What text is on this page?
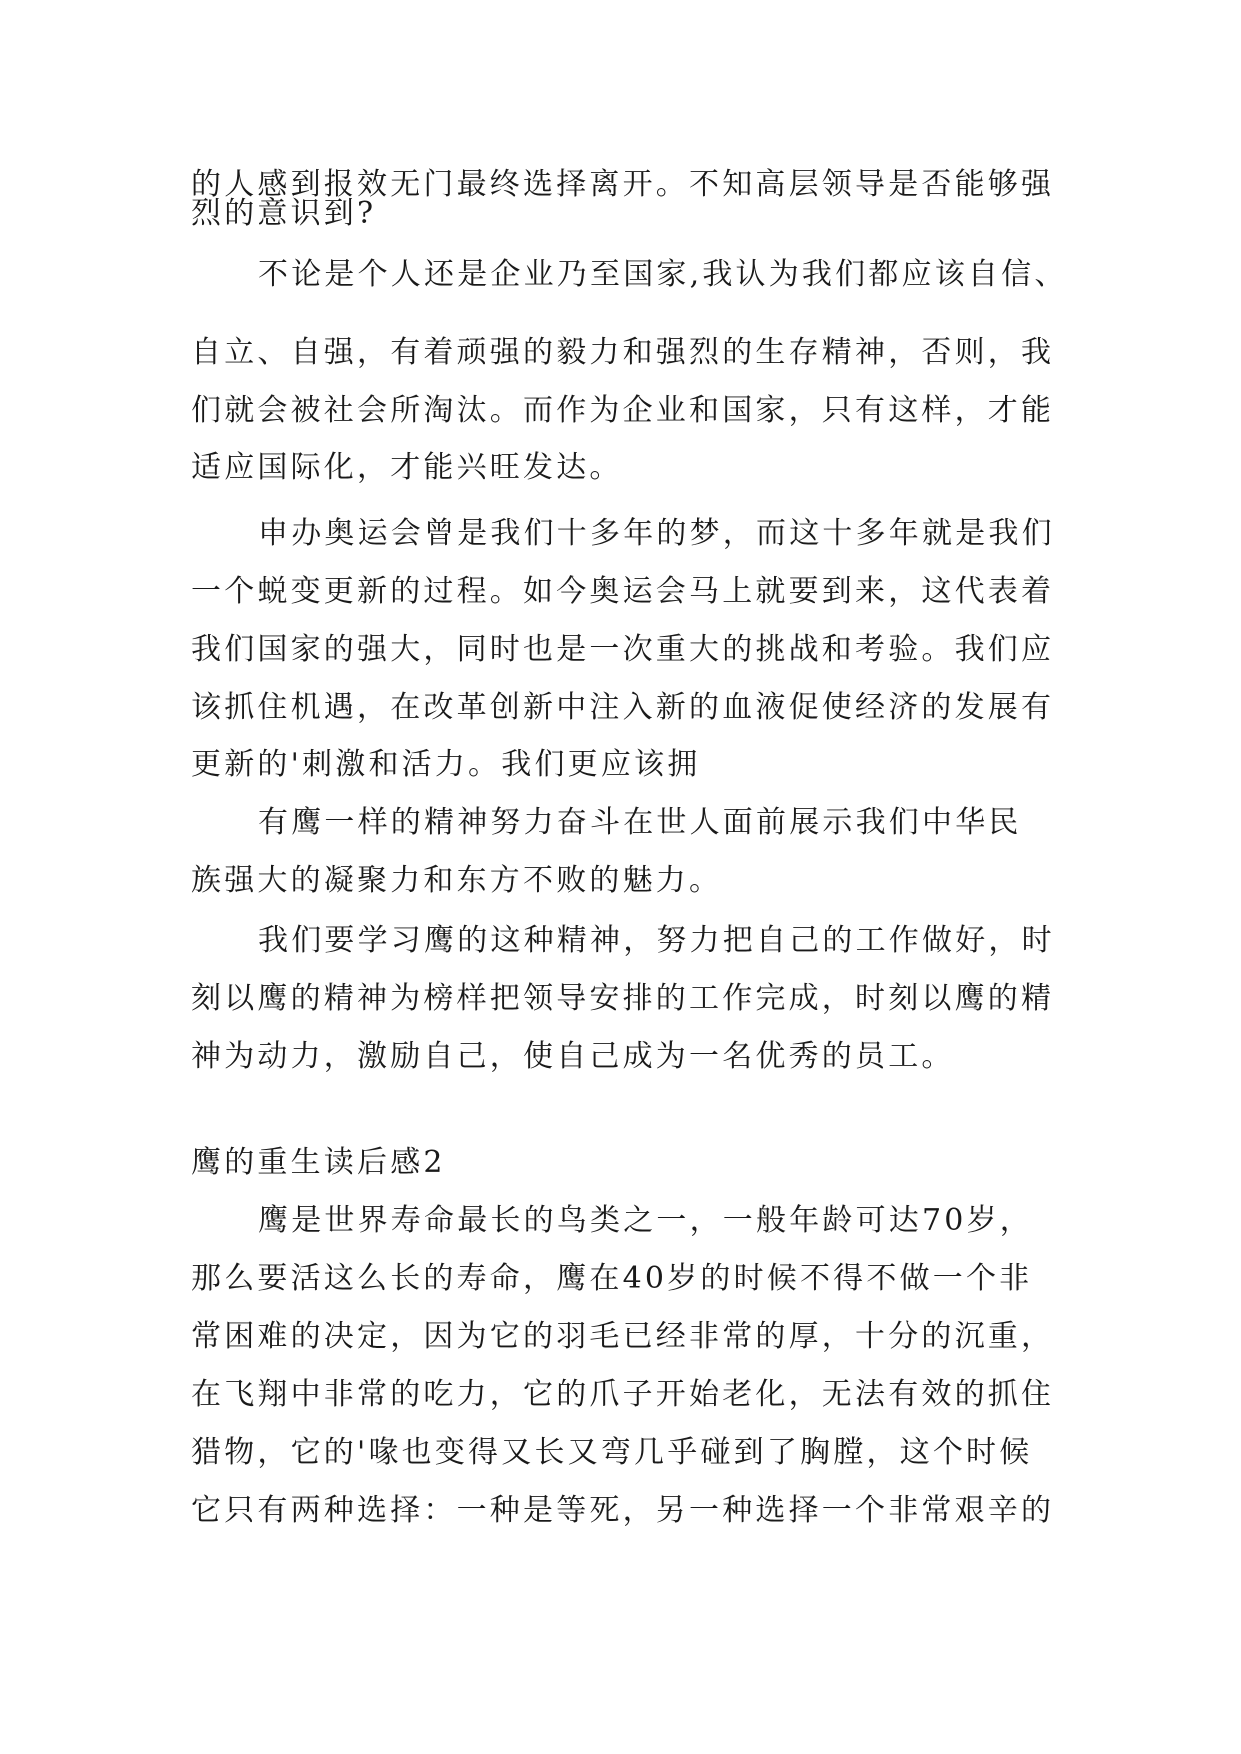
的人感到报效无门最终选择离开。不知高层领导是否能够强
烈的意识到?
不论是个人还是企业乃至国家,我认为我们都应该自信、
自立、自强，有着顽强的毅力和强烈的生存精神，否则，我
们就会被社会所淘汰。而作为企业和国家，只有这样，才能
适应国际化，才能兴旺发达。
申办奥运会曾是我们十多年的梦，而这十多年就是我们
一个蜕变更新的过程。如今奥运会马上就要到来，这代表着
我们国家的强大，同时也是一次重大的挑战和考验。我们应
该抓住机遇，在改革创新中注入新的血液促使经济的发展有
更新的'刺激和活力。我们更应该拥
有鹰一样的精神努力奋斗在世人面前展示我们中华民
族强大的凝聚力和东方不败的魅力。
我们要学习鹰的这种精神，努力把自己的工作做好，时
刻以鹰的精神为榜样把领导安排的工作完成，时刻以鹰的精
神为动力，激励自己，使自己成为一名优秀的员工。
鹰的重生读后感2
鹰是世界寿命最长的鸟类之一，一般年龄可达70岁，
那么要活这么长的寿命，鹰在40岁的时候不得不做一个非
常困难的决定，因为它的羽毛已经非常的厚，十分的沉重，
在飞翔中非常的吃力，它的爪子开始老化，无法有效的抓住
猎物，它的'喙也变得又长又弯几乎碰到了胸膛，这个时候
它只有两种选择：一种是等死，另一种选择一个非常艰辛的
